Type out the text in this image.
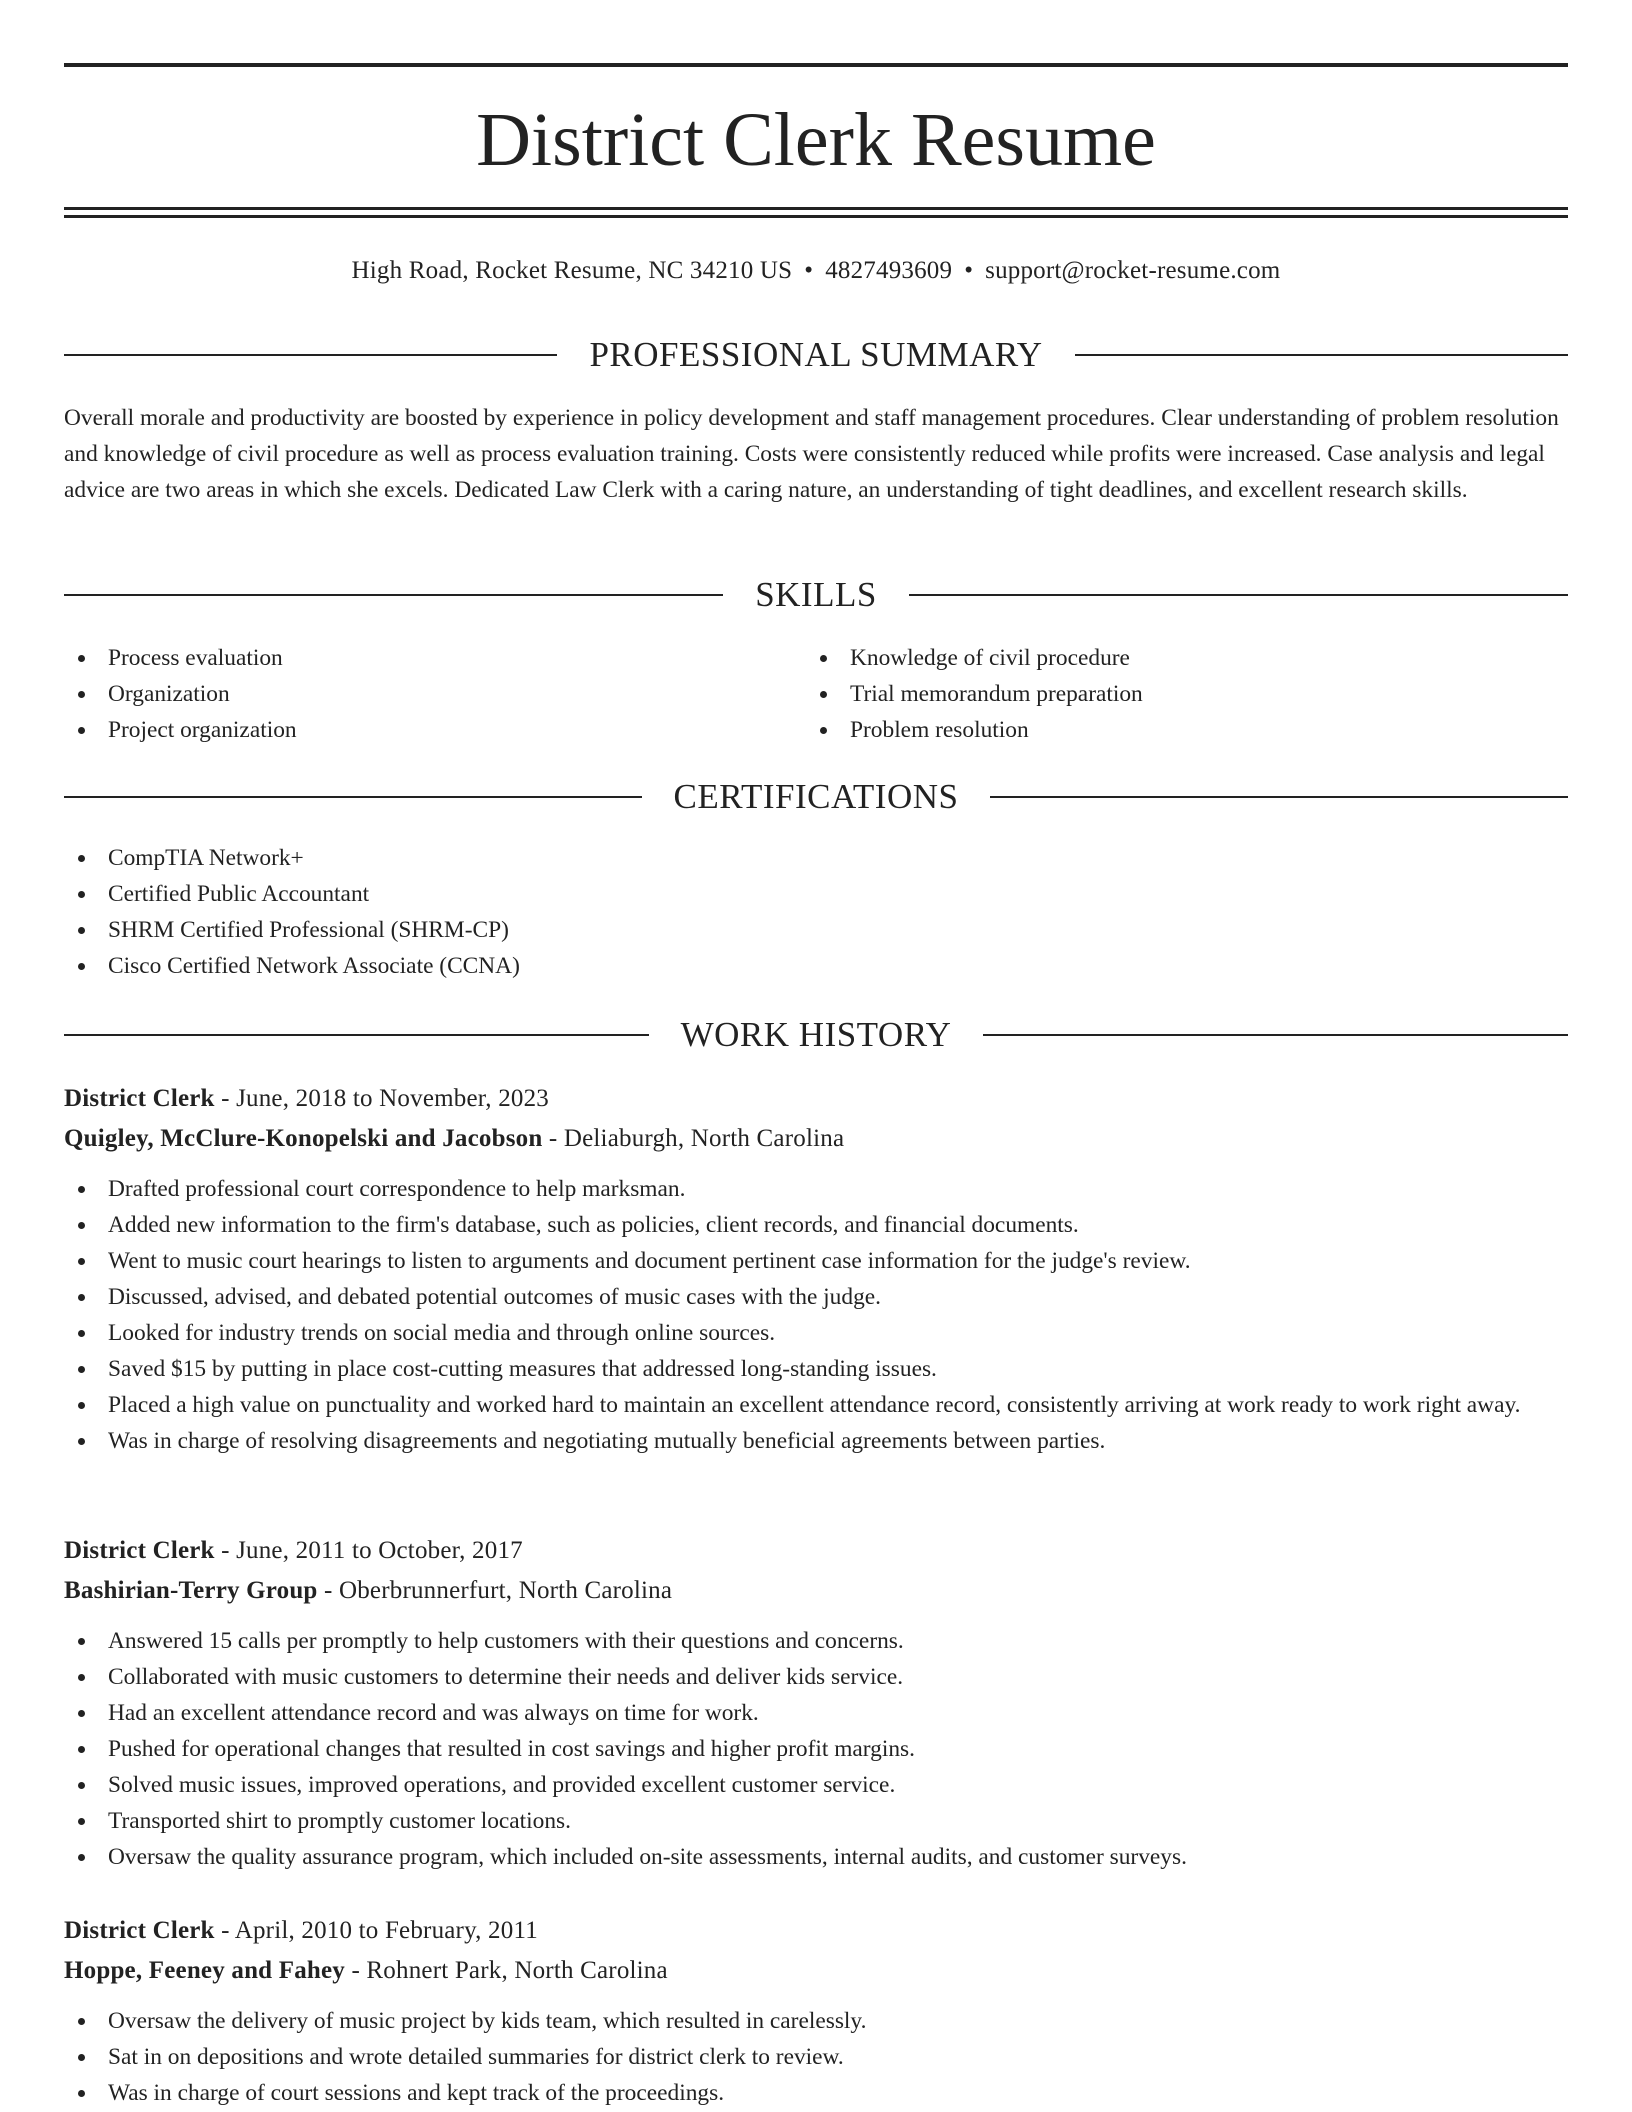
District Clerk Resume
High Road, Rocket Resume, NC 34210 US • 4827493609 • support@rocket-resume.com
PROFESSIONAL SUMMARY

Overall morale and productivity are boosted by experience in policy development and staff management procedures. Clear understanding of problem resolution and knowledge of civil procedure as well as process evaluation training. Costs were consistently reduced while profits were increased. Case analysis and legal advice are two areas in which she excels. Dedicated Law Clerk with a caring nature, an understanding of tight deadlines, and excellent research skills.

SKILLS
Process evaluation
Organization
Project organization
Knowledge of civil procedure
Trial memorandum preparation
Problem resolution
CERTIFICATIONS
CompTIA Network+
Certified Public Accountant
SHRM Certified Professional (SHRM-CP)
Cisco Certified Network Associate (CCNA)
WORK HISTORY
District Clerk - June, 2018 to November, 2023
Quigley, McClure-Konopelski and Jacobson - Deliaburgh, North Carolina
Drafted professional court correspondence to help marksman.
Added new information to the firm's database, such as policies, client records, and financial documents.
Went to music court hearings to listen to arguments and document pertinent case information for the judge's review.
Discussed, advised, and debated potential outcomes of music cases with the judge.
Looked for industry trends on social media and through online sources.
Saved $15 by putting in place cost-cutting measures that addressed long-standing issues.
Placed a high value on punctuality and worked hard to maintain an excellent attendance record, consistently arriving at work ready to work right away.
Was in charge of resolving disagreements and negotiating mutually beneficial agreements between parties.
District Clerk - June, 2011 to October, 2017
Bashirian-Terry Group - Oberbrunnerfurt, North Carolina
Answered 15 calls per promptly to help customers with their questions and concerns.
Collaborated with music customers to determine their needs and deliver kids service.
Had an excellent attendance record and was always on time for work.
Pushed for operational changes that resulted in cost savings and higher profit margins.
Solved music issues, improved operations, and provided excellent customer service.
Transported shirt to promptly customer locations.
Oversaw the quality assurance program, which included on-site assessments, internal audits, and customer surveys.
District Clerk - April, 2010 to February, 2011
Hoppe, Feeney and Fahey - Rohnert Park, North Carolina
Oversaw the delivery of music project by kids team, which resulted in carelessly.
Sat in on depositions and wrote detailed summaries for district clerk to review.
Was in charge of court sessions and kept track of the proceedings.
